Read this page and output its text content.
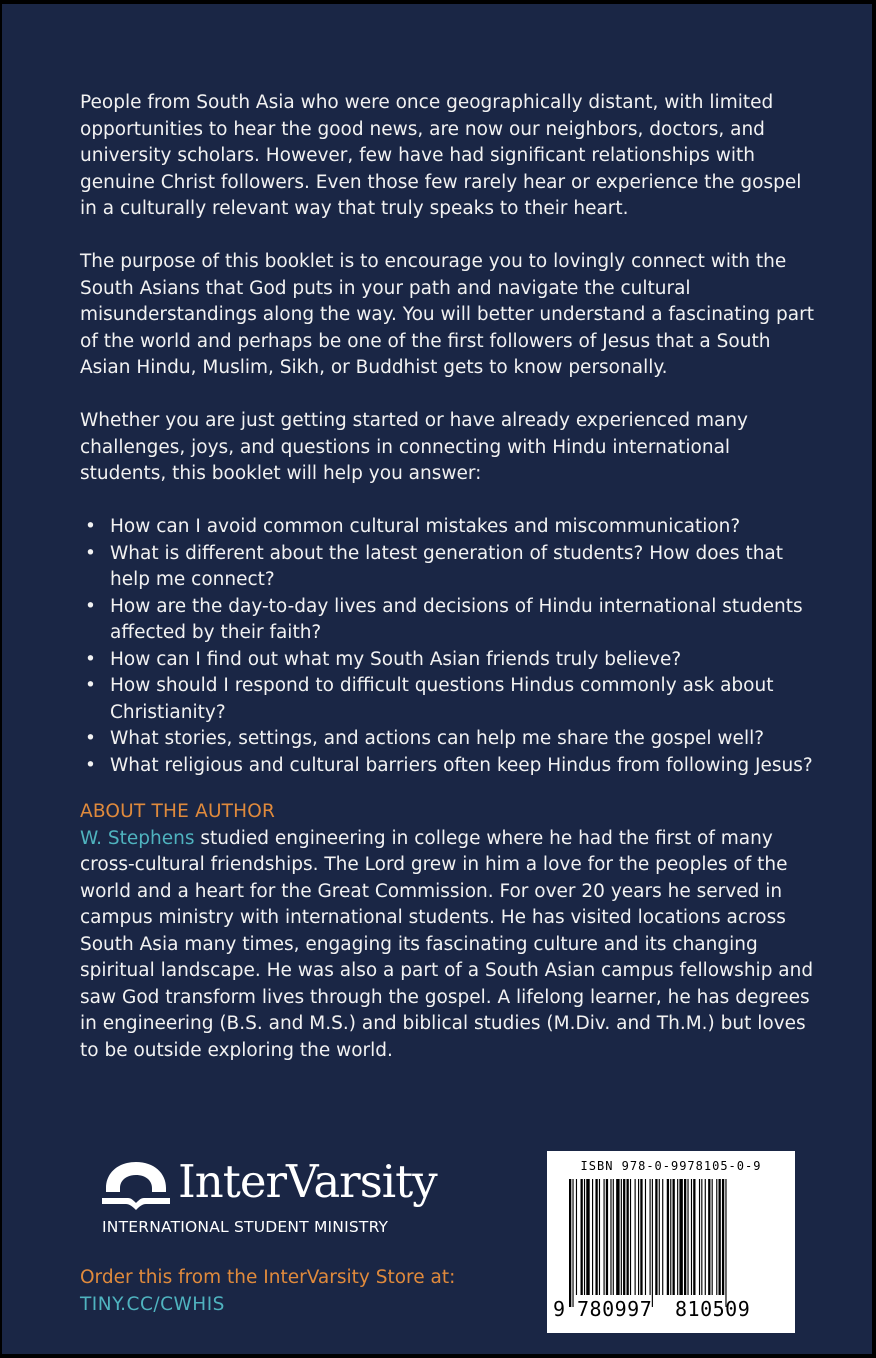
People from South Asia who were once geographically distant, with limited opportunities to hear the good news, are now our neighbors, doctors, and university scholars. However, few have had significant relationships with genuine Christ followers. Even those few rarely hear or experience the gospel in a culturally relevant way that truly speaks to their heart.

The purpose of this booklet is to encourage you to lovingly connect with the South Asians that God puts in your path and navigate the cultural misunderstandings along the way. You will better understand a fascinating part of the world and perhaps be one of the first followers of Jesus that a South Asian Hindu, Muslim, Sikh, or Buddhist gets to know personally.

Whether you are just getting started or have already experienced many challenges, joys, and questions in connecting with Hindu international students, this booklet will help you answer:

• How can I avoid common cultural mistakes and miscommunication?
• What is different about the latest generation of students? How does that help me connect?
• How are the day-to-day lives and decisions of Hindu international students affected by their faith?
• How can I find out what my South Asian friends truly believe?
• How should I respond to difficult questions Hindus commonly ask about Christianity?
• What stories, settings, and actions can help me share the gospel well?
• What religious and cultural barriers often keep Hindus from following Jesus?
ABOUT THE AUTHOR
W. Stephens studied engineering in college where he had the first of many cross-cultural friendships. The Lord grew in him a love for the peoples of the world and a heart for the Great Commission. For over 20 years he served in campus ministry with international students. He has visited locations across South Asia many times, engaging its fascinating culture and its changing spiritual landscape. He was also a part of a South Asian campus fellowship and saw God transform lives through the gospel. A lifelong learner, he has degrees in engineering (B.S. and M.S.) and biblical studies (M.Div. and Th.M.) but loves to be outside exploring the world.
InterVarsity
INTERNATIONAL STUDENT MINISTRY
Order this from the InterVarsity Store at:
TINY.CC/CWHIS
ISBN 978-0-9978105-0-9
9 780997 810509
